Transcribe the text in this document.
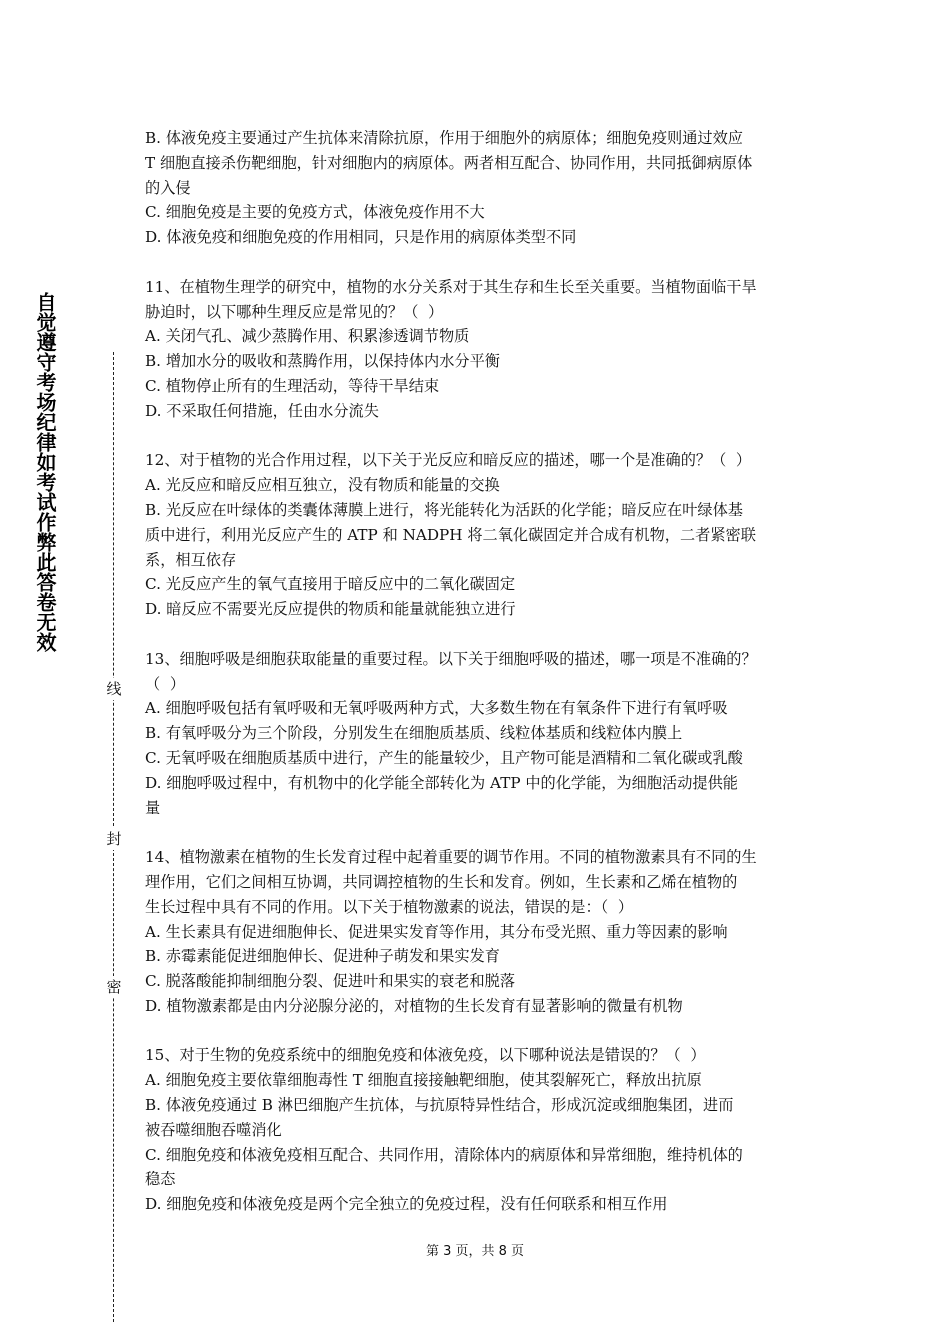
自觉遵守考场纪律如考试作弊此答卷无效
线
封
密
B. 体液免疫主要通过产生抗体来清除抗原，作用于细胞外的病原体；细胞免疫则通过效应
T 细胞直接杀伤靶细胞，针对细胞内的病原体。两者相互配合、协同作用，共同抵御病原体
的入侵
C. 细胞免疫是主要的免疫方式，体液免疫作用不大
D. 体液免疫和细胞免疫的作用相同，只是作用的病原体类型不同
11、在植物生理学的研究中，植物的水分关系对于其生存和生长至关重要。当植物面临干旱
胁迫时，以下哪种生理反应是常见的？（  ）
A. 关闭气孔、减少蒸腾作用、积累渗透调节物质
B. 增加水分的吸收和蒸腾作用，以保持体内水分平衡
C. 植物停止所有的生理活动，等待干旱结束
D. 不采取任何措施，任由水分流失
12、对于植物的光合作用过程，以下关于光反应和暗反应的描述，哪一个是准确的？（  ）
A. 光反应和暗反应相互独立，没有物质和能量的交换
B. 光反应在叶绿体的类囊体薄膜上进行，将光能转化为活跃的化学能；暗反应在叶绿体基
质中进行，利用光反应产生的 ATP 和 NADPH 将二氧化碳固定并合成有机物，二者紧密联
系，相互依存
C. 光反应产生的氧气直接用于暗反应中的二氧化碳固定
D. 暗反应不需要光反应提供的物质和能量就能独立进行
13、细胞呼吸是细胞获取能量的重要过程。以下关于细胞呼吸的描述，哪一项是不准确的？
（  ）
A. 细胞呼吸包括有氧呼吸和无氧呼吸两种方式，大多数生物在有氧条件下进行有氧呼吸
B. 有氧呼吸分为三个阶段，分别发生在细胞质基质、线粒体基质和线粒体内膜上
C. 无氧呼吸在细胞质基质中进行，产生的能量较少，且产物可能是酒精和二氧化碳或乳酸
D. 细胞呼吸过程中，有机物中的化学能全部转化为 ATP 中的化学能，为细胞活动提供能
量
14、植物激素在植物的生长发育过程中起着重要的调节作用。不同的植物激素具有不同的生
理作用，它们之间相互协调，共同调控植物的生长和发育。例如，生长素和乙烯在植物的
生长过程中具有不同的作用。以下关于植物激素的说法，错误的是：（  ）
A. 生长素具有促进细胞伸长、促进果实发育等作用，其分布受光照、重力等因素的影响
B. 赤霉素能促进细胞伸长、促进种子萌发和果实发育
C. 脱落酸能抑制细胞分裂、促进叶和果实的衰老和脱落
D. 植物激素都是由内分泌腺分泌的，对植物的生长发育有显著影响的微量有机物
15、对于生物的免疫系统中的细胞免疫和体液免疫，以下哪种说法是错误的？（  ）
A. 细胞免疫主要依靠细胞毒性 T 细胞直接接触靶细胞，使其裂解死亡，释放出抗原
B. 体液免疫通过 B 淋巴细胞产生抗体，与抗原特异性结合，形成沉淀或细胞集团，进而
被吞噬细胞吞噬消化
C. 细胞免疫和体液免疫相互配合、共同作用，清除体内的病原体和异常细胞，维持机体的
稳态
D. 细胞免疫和体液免疫是两个完全独立的免疫过程，没有任何联系和相互作用
第 3 页，共 8 页
